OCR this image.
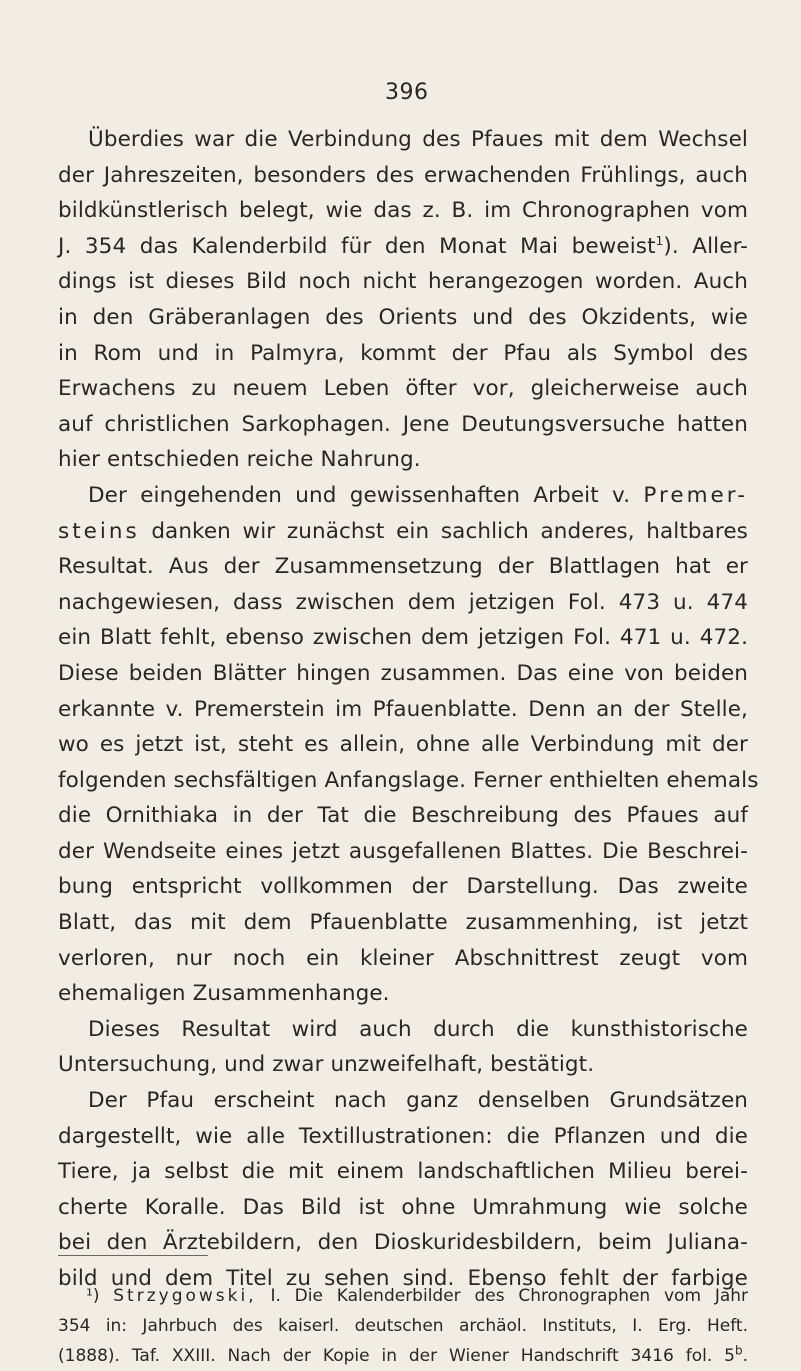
396
Überdies war die Verbindung des Pfaues mit dem Wechsel
der Jahreszeiten, besonders des erwachenden Frühlings, auch
bildkünstlerisch belegt, wie das z. B. im Chronographen vom
J. 354 das Kalenderbild für den Monat Mai beweist$^1$). Aller-
dings ist dieses Bild noch nicht herangezogen worden. Auch
in den Gräberanlagen des Orients und des Okzidents, wie
in Rom und in Palmyra, kommt der Pfau als Symbol des
Erwachens zu neuem Leben öfter vor, gleicherweise auch
auf christlichen Sarkophagen. Jene Deutungsversuche hatten
hier entschieden reiche Nahrung.
Der eingehenden und gewissenhaften Arbeit v. Premer-
steins danken wir zunächst ein sachlich anderes, haltbares
Resultat. Aus der Zusammensetzung der Blattlagen hat er
nachgewiesen, dass zwischen dem jetzigen Fol. 473 u. 474
ein Blatt fehlt, ebenso zwischen dem jetzigen Fol. 471 u. 472.
Diese beiden Blätter hingen zusammen. Das eine von beiden
erkannte v. Premerstein im Pfauenblatte. Denn an der Stelle,
wo es jetzt ist, steht es allein, ohne alle Verbindung mit der
folgenden sechsfältigen Anfangslage. Ferner enthielten ehemals
die Ornithiaka in der Tat die Beschreibung des Pfaues auf
der Wendseite eines jetzt ausgefallenen Blattes. Die Beschrei-
bung entspricht vollkommen der Darstellung. Das zweite
Blatt, das mit dem Pfauenblatte zusammenhing, ist jetzt
verloren, nur noch ein kleiner Abschnittrest zeugt vom
ehemaligen Zusammenhange.
Dieses Resultat wird auch durch die kunsthistorische
Untersuchung, und zwar unzweifelhaft, bestätigt.
Der Pfau erscheint nach ganz denselben Grundsätzen
dargestellt, wie alle Textillustrationen: die Pflanzen und die
Tiere, ja selbst die mit einem landschaftlichen Milieu berei-
cherte Koralle. Das Bild ist ohne Umrahmung wie solche
bei den Ärztebildern, den Dioskuridesbildern, beim Juliana-
bild und dem Titel zu sehen sind. Ebenso fehlt der farbige
¹) Strzygowski, I. Die Kalenderbilder des Chronographen vom Jahr
354 in: Jahrbuch des kaiserl. deutschen archäol. Instituts, I. Erg. Heft.
(1888). Taf. XXIII. Nach der Kopie in der Wiener Handschrift 3416 fol. 5$^b$.
